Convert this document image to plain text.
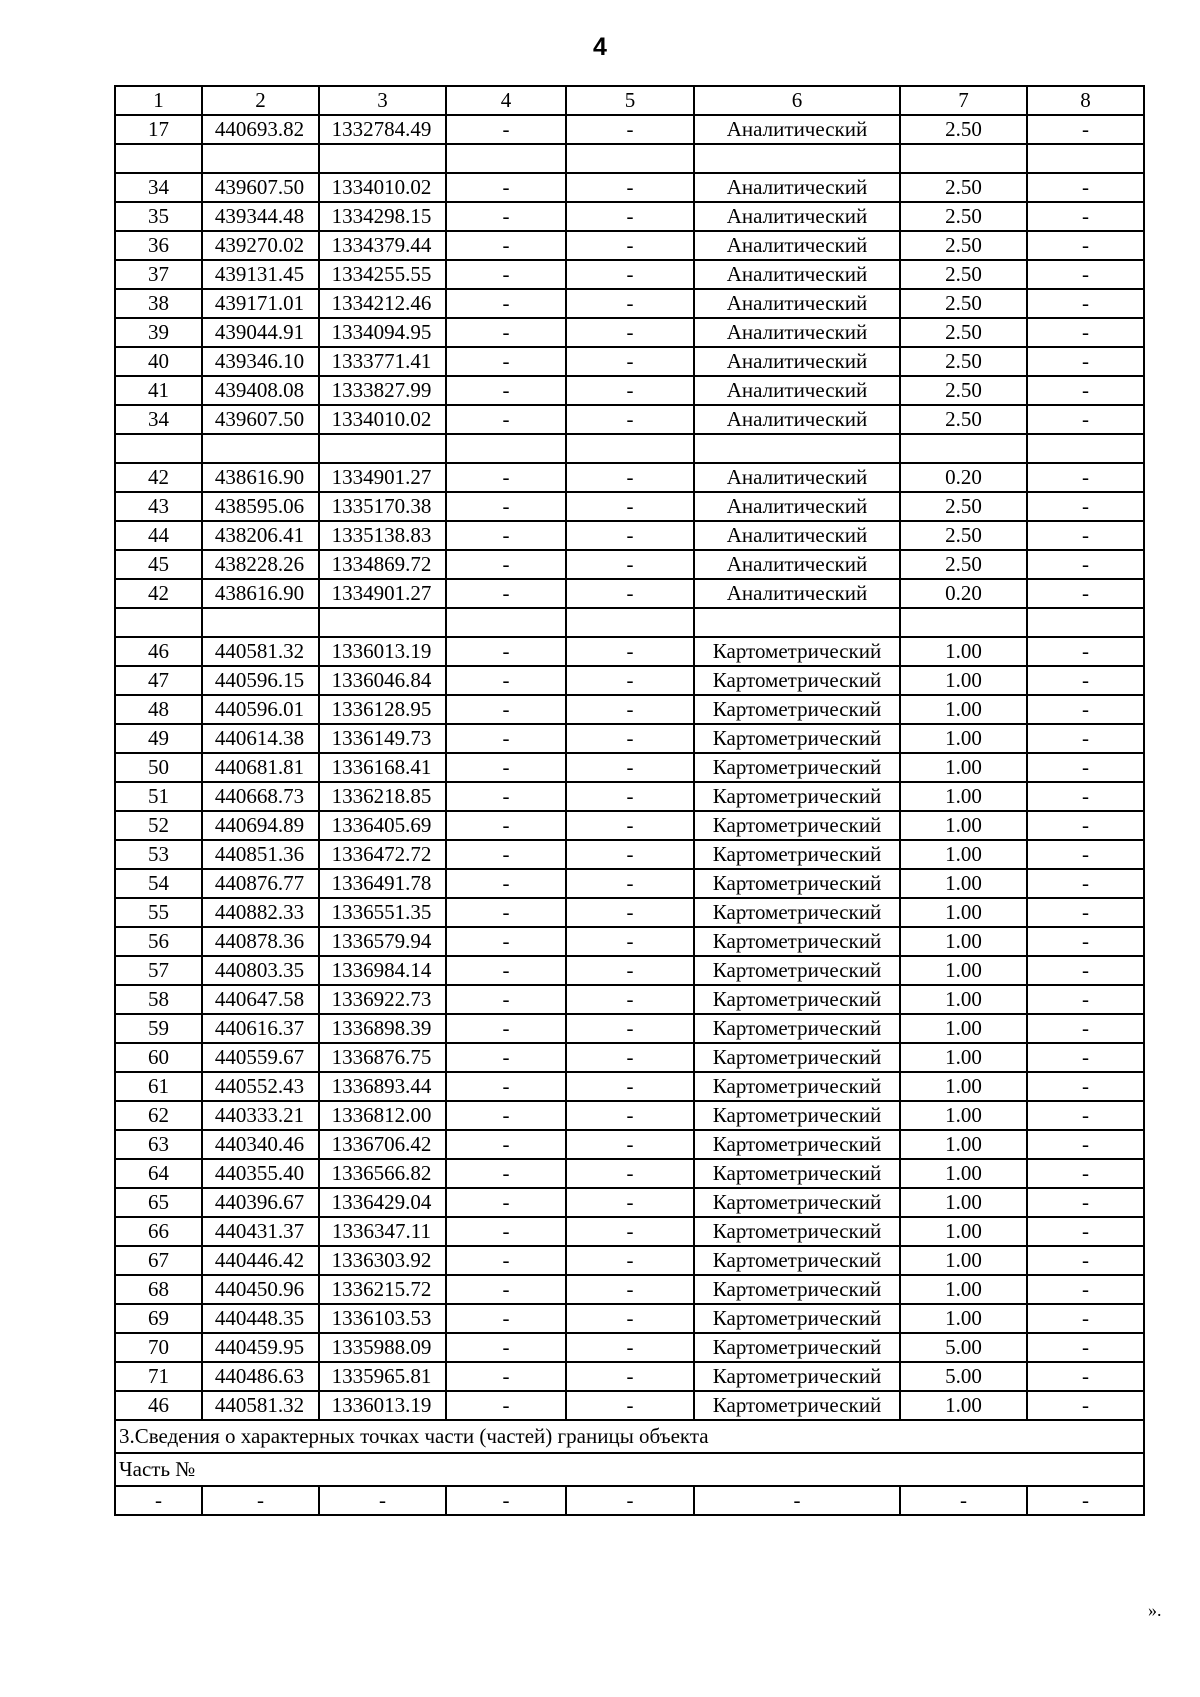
4
1	2	3	4	5	6	7	8
17	440693.82	1332784.49	-	-	Аналитический	2.50	-

34	439607.50	1334010.02	-	-	Аналитический	2.50	-
35	439344.48	1334298.15	-	-	Аналитический	2.50	-
36	439270.02	1334379.44	-	-	Аналитический	2.50	-
37	439131.45	1334255.55	-	-	Аналитический	2.50	-
38	439171.01	1334212.46	-	-	Аналитический	2.50	-
39	439044.91	1334094.95	-	-	Аналитический	2.50	-
40	439346.10	1333771.41	-	-	Аналитический	2.50	-
41	439408.08	1333827.99	-	-	Аналитический	2.50	-
34	439607.50	1334010.02	-	-	Аналитический	2.50	-

42	438616.90	1334901.27	-	-	Аналитический	0.20	-
43	438595.06	1335170.38	-	-	Аналитический	2.50	-
44	438206.41	1335138.83	-	-	Аналитический	2.50	-
45	438228.26	1334869.72	-	-	Аналитический	2.50	-
42	438616.90	1334901.27	-	-	Аналитический	0.20	-

46	440581.32	1336013.19	-	-	Картометрический	1.00	-
47	440596.15	1336046.84	-	-	Картометрический	1.00	-
48	440596.01	1336128.95	-	-	Картометрический	1.00	-
49	440614.38	1336149.73	-	-	Картометрический	1.00	-
50	440681.81	1336168.41	-	-	Картометрический	1.00	-
51	440668.73	1336218.85	-	-	Картометрический	1.00	-
52	440694.89	1336405.69	-	-	Картометрический	1.00	-
53	440851.36	1336472.72	-	-	Картометрический	1.00	-
54	440876.77	1336491.78	-	-	Картометрический	1.00	-
55	440882.33	1336551.35	-	-	Картометрический	1.00	-
56	440878.36	1336579.94	-	-	Картометрический	1.00	-
57	440803.35	1336984.14	-	-	Картометрический	1.00	-
58	440647.58	1336922.73	-	-	Картометрический	1.00	-
59	440616.37	1336898.39	-	-	Картометрический	1.00	-
60	440559.67	1336876.75	-	-	Картометрический	1.00	-
61	440552.43	1336893.44	-	-	Картометрический	1.00	-
62	440333.21	1336812.00	-	-	Картометрический	1.00	-
63	440340.46	1336706.42	-	-	Картометрический	1.00	-
64	440355.40	1336566.82	-	-	Картометрический	1.00	-
65	440396.67	1336429.04	-	-	Картометрический	1.00	-
66	440431.37	1336347.11	-	-	Картометрический	1.00	-
67	440446.42	1336303.92	-	-	Картометрический	1.00	-
68	440450.96	1336215.72	-	-	Картометрический	1.00	-
69	440448.35	1336103.53	-	-	Картометрический	1.00	-
70	440459.95	1335988.09	-	-	Картометрический	5.00	-
71	440486.63	1335965.81	-	-	Картометрический	5.00	-
46	440581.32	1336013.19	-	-	Картометрический	1.00	-
3.Сведения о характерных точках части (частей) границы объекта							
Часть №							
-	-	-	-	-	-	-	-
».
